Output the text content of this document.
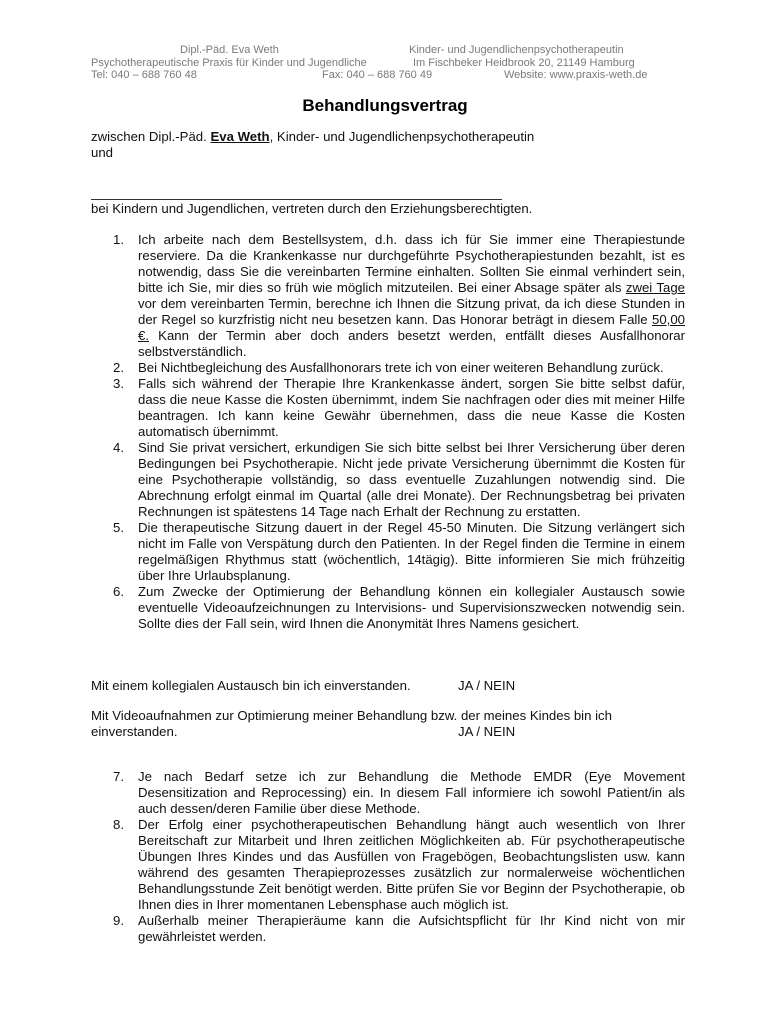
Dipl.-Päd. Eva Weth	Kinder- und Jugendlichenpsychotherapeutin
Psychotherapeutische Praxis für Kinder und Jugendliche	Im Fischbeker Heidbrook 20, 21149 Hamburg
Tel: 040 – 688 760 48	Fax: 040 – 688 760 49	Website: www.praxis-weth.de
Behandlungsvertrag
zwischen Dipl.-Päd. Eva Weth, Kinder- und Jugendlichenpsychotherapeutin
und
bei Kindern und Jugendlichen, vertreten durch den Erziehungsberechtigten.
1. Ich arbeite nach dem Bestellsystem, d.h. dass ich für Sie immer eine Therapiestunde reserviere. Da die Krankenkasse nur durchgeführte Psychotherapiestunden bezahlt, ist es notwendig, dass Sie die vereinbarten Termine einhalten. Sollten Sie einmal verhindert sein, bitte ich Sie, mir dies so früh wie möglich mitzuteilen. Bei einer Absage später als zwei Tage vor dem vereinbarten Termin, berechne ich Ihnen die Sitzung privat, da ich diese Stunden in der Regel so kurzfristig nicht neu besetzen kann. Das Honorar beträgt in diesem Falle 50,00 €. Kann der Termin aber doch anders besetzt werden, entfällt dieses Ausfallhonorar selbstverständlich.
2. Bei Nichtbegleichung des Ausfallhonorars trete ich von einer weiteren Behandlung zurück.
3. Falls sich während der Therapie Ihre Krankenkasse ändert, sorgen Sie bitte selbst dafür, dass die neue Kasse die Kosten übernimmt, indem Sie nachfragen oder dies mit meiner Hilfe beantragen. Ich kann keine Gewähr übernehmen, dass die neue Kasse die Kosten automatisch übernimmt.
4. Sind Sie privat versichert, erkundigen Sie sich bitte selbst bei Ihrer Versicherung über deren Bedingungen bei Psychotherapie. Nicht jede private Versicherung übernimmt die Kosten für eine Psychotherapie vollständig, so dass eventuelle Zuzahlungen notwendig sind. Die Abrechnung erfolgt einmal im Quartal (alle drei Monate). Der Rechnungsbetrag bei privaten Rechnungen ist spätestens 14 Tage nach Erhalt der Rechnung zu erstatten.
5. Die therapeutische Sitzung dauert in der Regel 45-50 Minuten. Die Sitzung verlängert sich nicht im Falle von Verspätung durch den Patienten. In der Regel finden die Termine in einem regelmäßigen Rhythmus statt (wöchentlich, 14tägig). Bitte informieren Sie mich frühzeitig über Ihre Urlaubsplanung.
6. Zum Zwecke der Optimierung der Behandlung können ein kollegialer Austausch sowie eventuelle Videoaufzeichnungen zu Intervisions- und Supervisionszwecken notwendig sein. Sollte dies der Fall sein, wird Ihnen die Anonymität Ihres Namens gesichert.
Mit einem kollegialen Austausch bin ich einverstanden.	JA / NEIN
Mit Videoaufnahmen zur Optimierung meiner Behandlung bzw. der meines Kindes bin ich
einverstanden.	JA / NEIN
7. Je nach Bedarf setze ich zur Behandlung die Methode EMDR (Eye Movement Desensitization and Reprocessing) ein. In diesem Fall informiere ich sowohl Patient/in als auch dessen/deren Familie über diese Methode.
8. Der Erfolg einer psychotherapeutischen Behandlung hängt auch wesentlich von Ihrer Bereitschaft zur Mitarbeit und Ihren zeitlichen Möglichkeiten ab. Für psychotherapeutische Übungen Ihres Kindes und das Ausfüllen von Fragebögen, Beobachtungslisten usw. kann während des gesamten Therapieprozesses zusätzlich zur normalerweise wöchentlichen Behandlungsstunde Zeit benötigt werden. Bitte prüfen Sie vor Beginn der Psychotherapie, ob Ihnen dies in Ihrer momentanen Lebensphase auch möglich ist.
9. Außerhalb meiner Therapieräume kann die Aufsichtspflicht für Ihr Kind nicht von mir gewährleistet werden.
